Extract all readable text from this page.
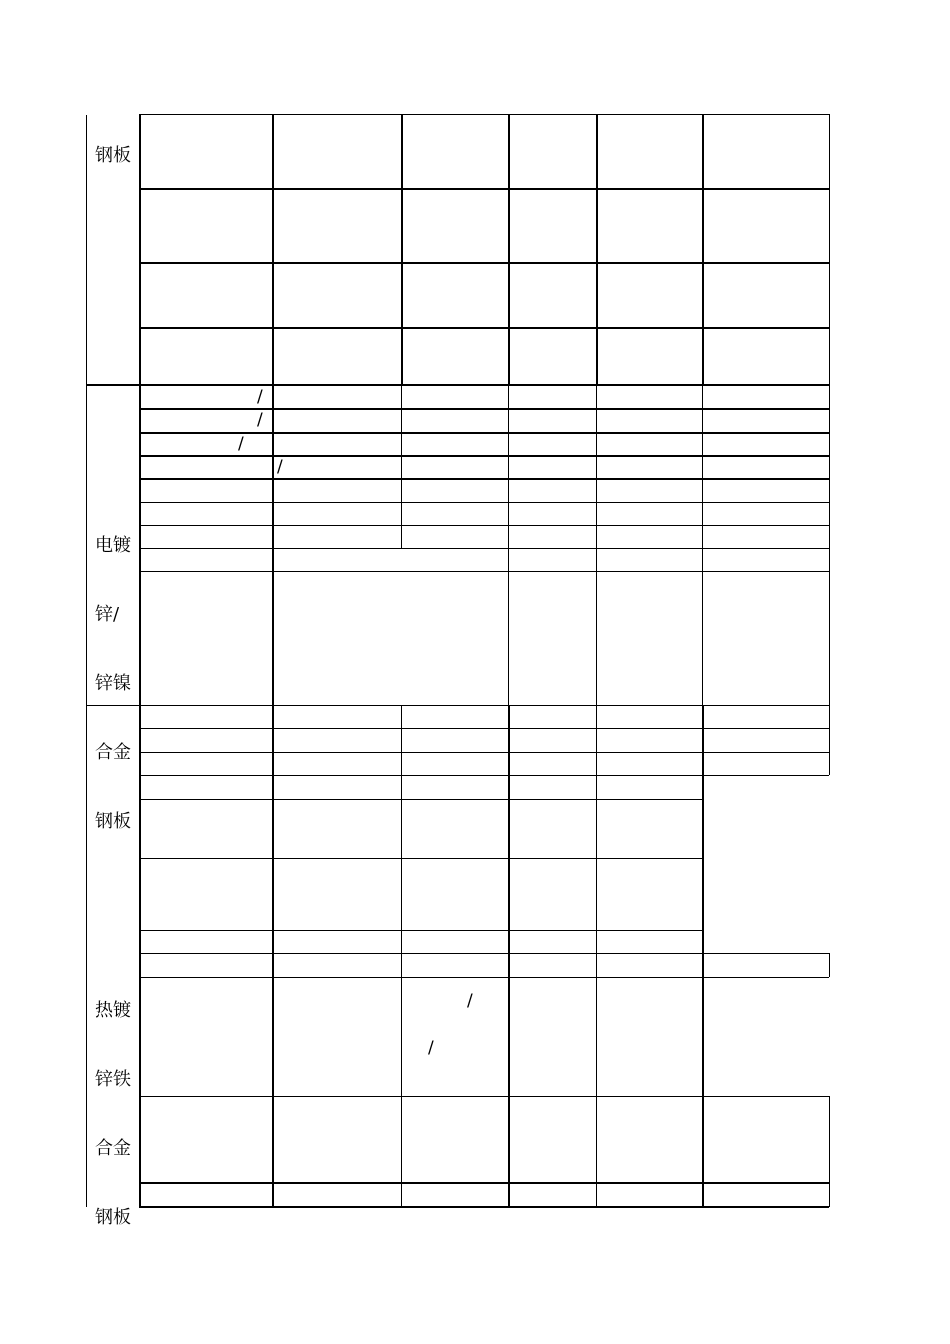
钢板

电镀

锌/

锌镍

合金

钢板

热镀

锌铁

合金

钢板

/
/
/
/
/
/
